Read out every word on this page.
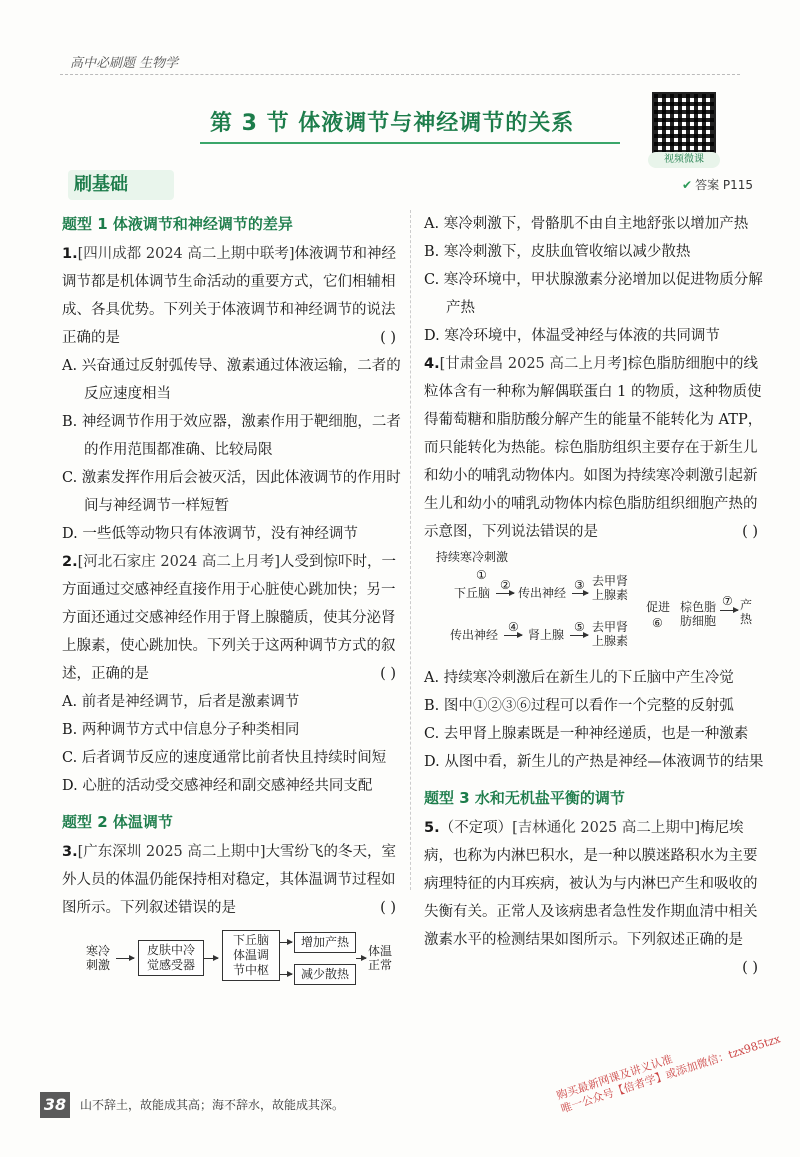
高中必刷题 生物学
第 3 节 体液调节与神经调节的关系
视频微课
刷基础	✔ 答案 P115

题型 1 体液调节和神经调节的差异

1.[四川成都 2024 高二上期中联考]体液调节和神经调节都是机体调节生命活动的重要方式，它们相辅相成、各具优势。下列关于体液调节和神经调节的说法正确的是	( )

A. 兴奋通过反射弧传导、激素通过体液运输，二者的反应速度相当

B. 神经调节作用于效应器，激素作用于靶细胞，二者的作用范围都准确、比较局限

C. 激素发挥作用后会被灭活，因此体液调节的作用时间与神经调节一样短暂

D. 一些低等动物只有体液调节，没有神经调节

2.[河北石家庄 2024 高二上月考]人受到惊吓时，一方面通过交感神经直接作用于心脏使心跳加快；另一方面还通过交感神经作用于肾上腺髓质，使其分泌肾上腺素，使心跳加快。下列关于这两种调节方式的叙述，正确的是	( )

A. 前者是神经调节，后者是激素调节

B. 两种调节方式中信息分子种类相同

C. 后者调节反应的速度通常比前者快且持续时间短

D. 心脏的活动受交感神经和副交感神经共同支配

题型 2 体温调节

3.[广东深圳 2025 高二上期中]大雪纷飞的冬天，室外人员的体温仍能保持相对稳定，其体温调节过程如图所示。下列叙述错误的是	( )

寒冷
刺激
皮肤中冷
觉感受器
下丘脑
体温调
节中枢
增加产热
减少散热
体温
正常

A. 寒冷刺激下，骨骼肌不由自主地舒张以增加产热

B. 寒冷刺激下，皮肤血管收缩以减少散热

C. 寒冷环境中，甲状腺激素分泌增加以促进物质分解产热

D. 寒冷环境中，体温受神经与体液的共同调节

4.[甘肃金昌 2025 高二上月考]棕色脂肪细胞中的线粒体含有一种称为解偶联蛋白 1 的物质，这种物质使得葡萄糖和脂肪酸分解产生的能量不能转化为 ATP，而只能转化为热能。棕色脂肪组织主要存在于新生儿和幼小的哺乳动物体内。如图为持续寒冷刺激引起新生儿和幼小的哺乳动物体内棕色脂肪组织细胞产热的示意图，下列说法错误的是	( )

持续寒冷刺激
①
下丘脑
②
传出神经
③ 去甲肾
上腺素
传出神经
④
肾上腺
⑤ 去甲肾
上腺素
促进
⑥
棕色脂
肪细胞
⑦ 产
热

A. 持续寒冷刺激后在新生儿的下丘脑中产生冷觉

B. 图中①②③⑥过程可以看作一个完整的反射弧

C. 去甲肾上腺素既是一种神经递质，也是一种激素

D. 从图中看，新生儿的产热是神经—体液调节的结果

题型 3 水和无机盐平衡的调节

5.（不定项）[吉林通化 2025 高二上期中]梅尼埃病，也称为内淋巴积水，是一种以膜迷路积水为主要病理特征的内耳疾病，被认为与内淋巴产生和吸收的失衡有关。正常人及该病患者急性发作期血清中相关激素水平的检测结果如图所示。下列叙述正确的是
( )

38	山不辞土，故能成其高；海不辞水，故能成其深。
购买最新网课及讲义认准
唯一公众号【倍者学】或添加微信：tzx985tzx
